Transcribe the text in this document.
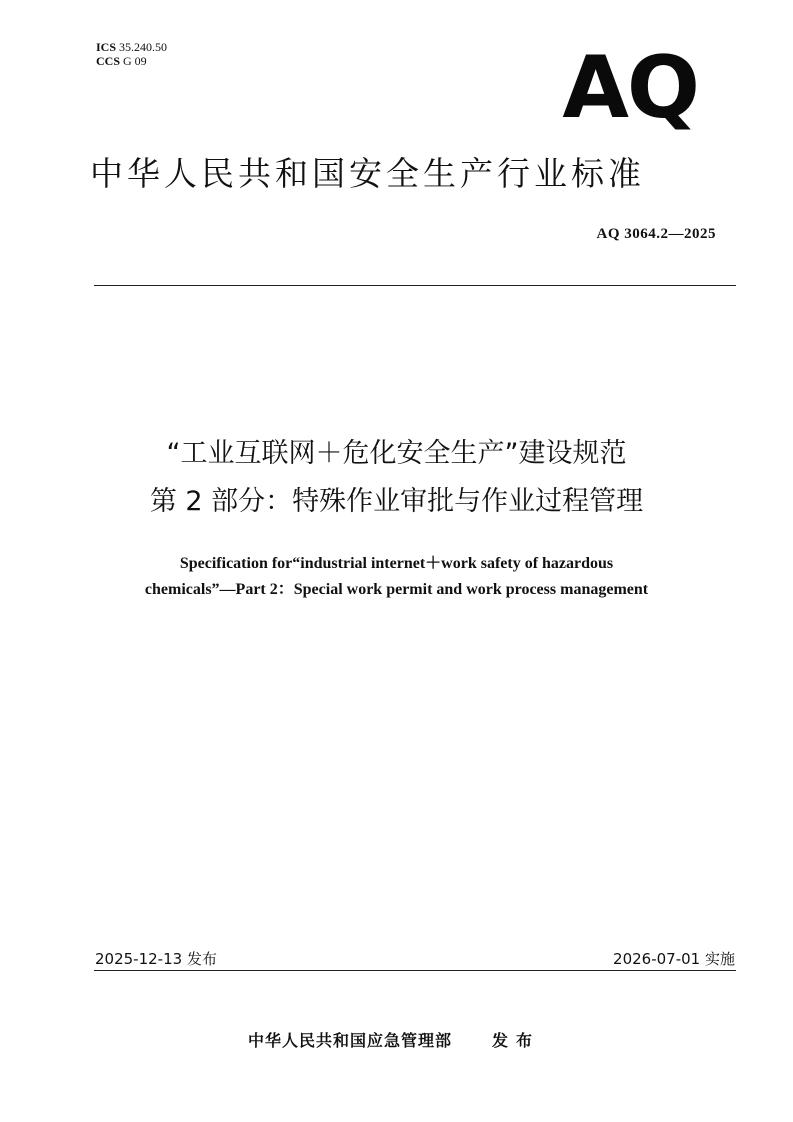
ICS 35.240.50
CCS G 09	AQ
中华人民共和国安全生产行业标准
AQ 3064.2—2025
“工业互联网＋危化安全生产”建设规范
第 2 部分：特殊作业审批与作业过程管理
Specification for“industrial internet＋work safety of hazardous
chemicals”—Part 2：Special work permit and work process management
2025-12-13 发布	2026-07-01 实施
中华人民共和国应急管理部	发布
